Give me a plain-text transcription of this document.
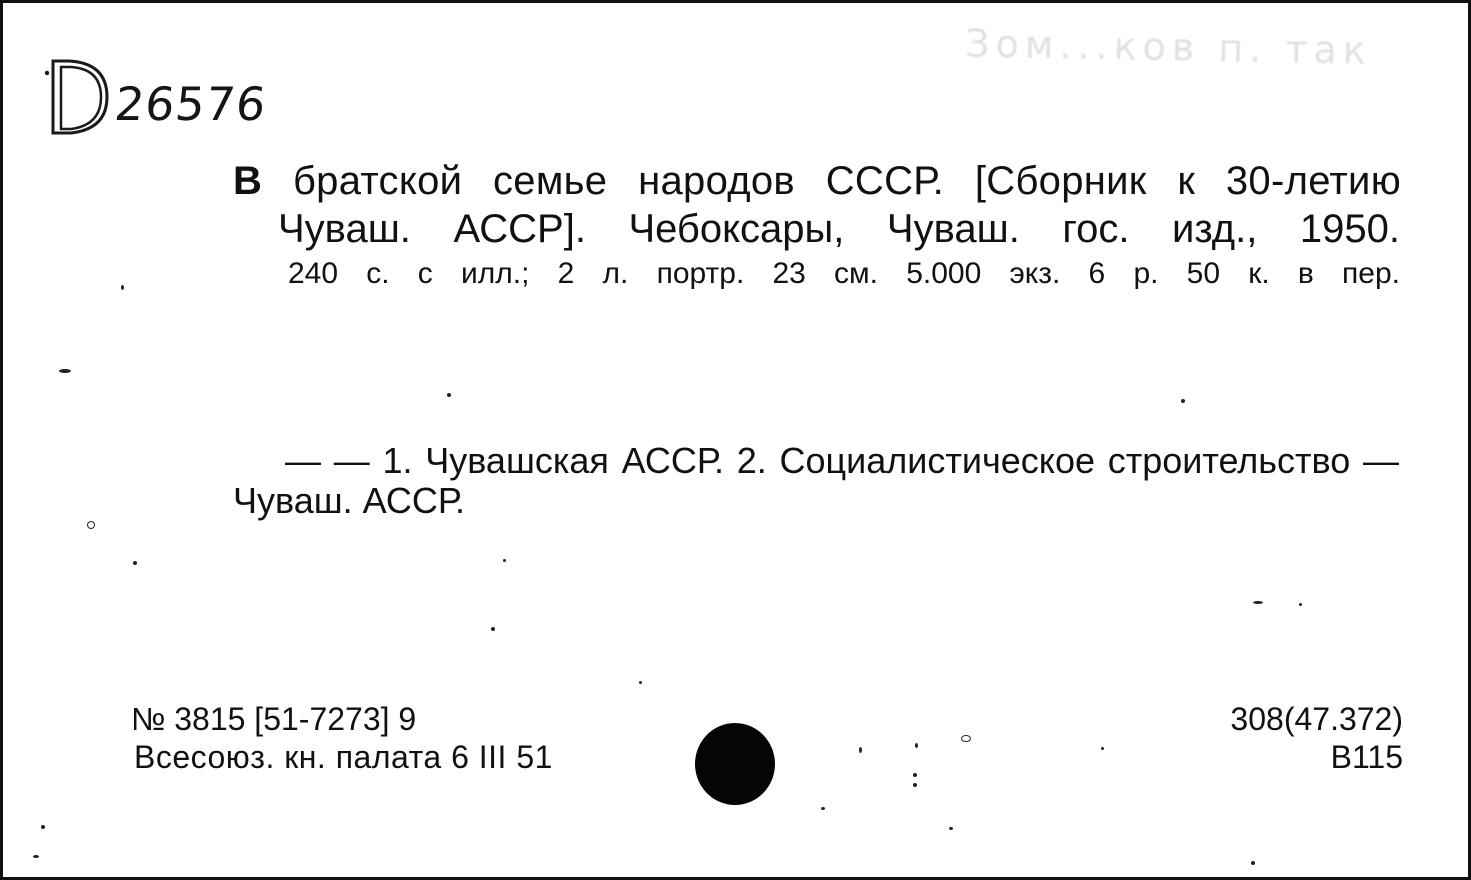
26576
Зом...ков п. так
В братской семье народов СССР. [Сборник к 30-летию
Чуваш. АССР]. Чебоксары, Чуваш. гос. изд., 1950.
240 с. с илл.; 2 л. портр. 23 см. 5.000 экз. 6 р. 50 к. в пер.
— — 1. Чувашская АССР. 2. Социалистическое строительство —
Чуваш. АССР.
№ 3815 [51-7273] 9
Всесоюз. кн. палата 6 III 51
308(47.372)
В115
